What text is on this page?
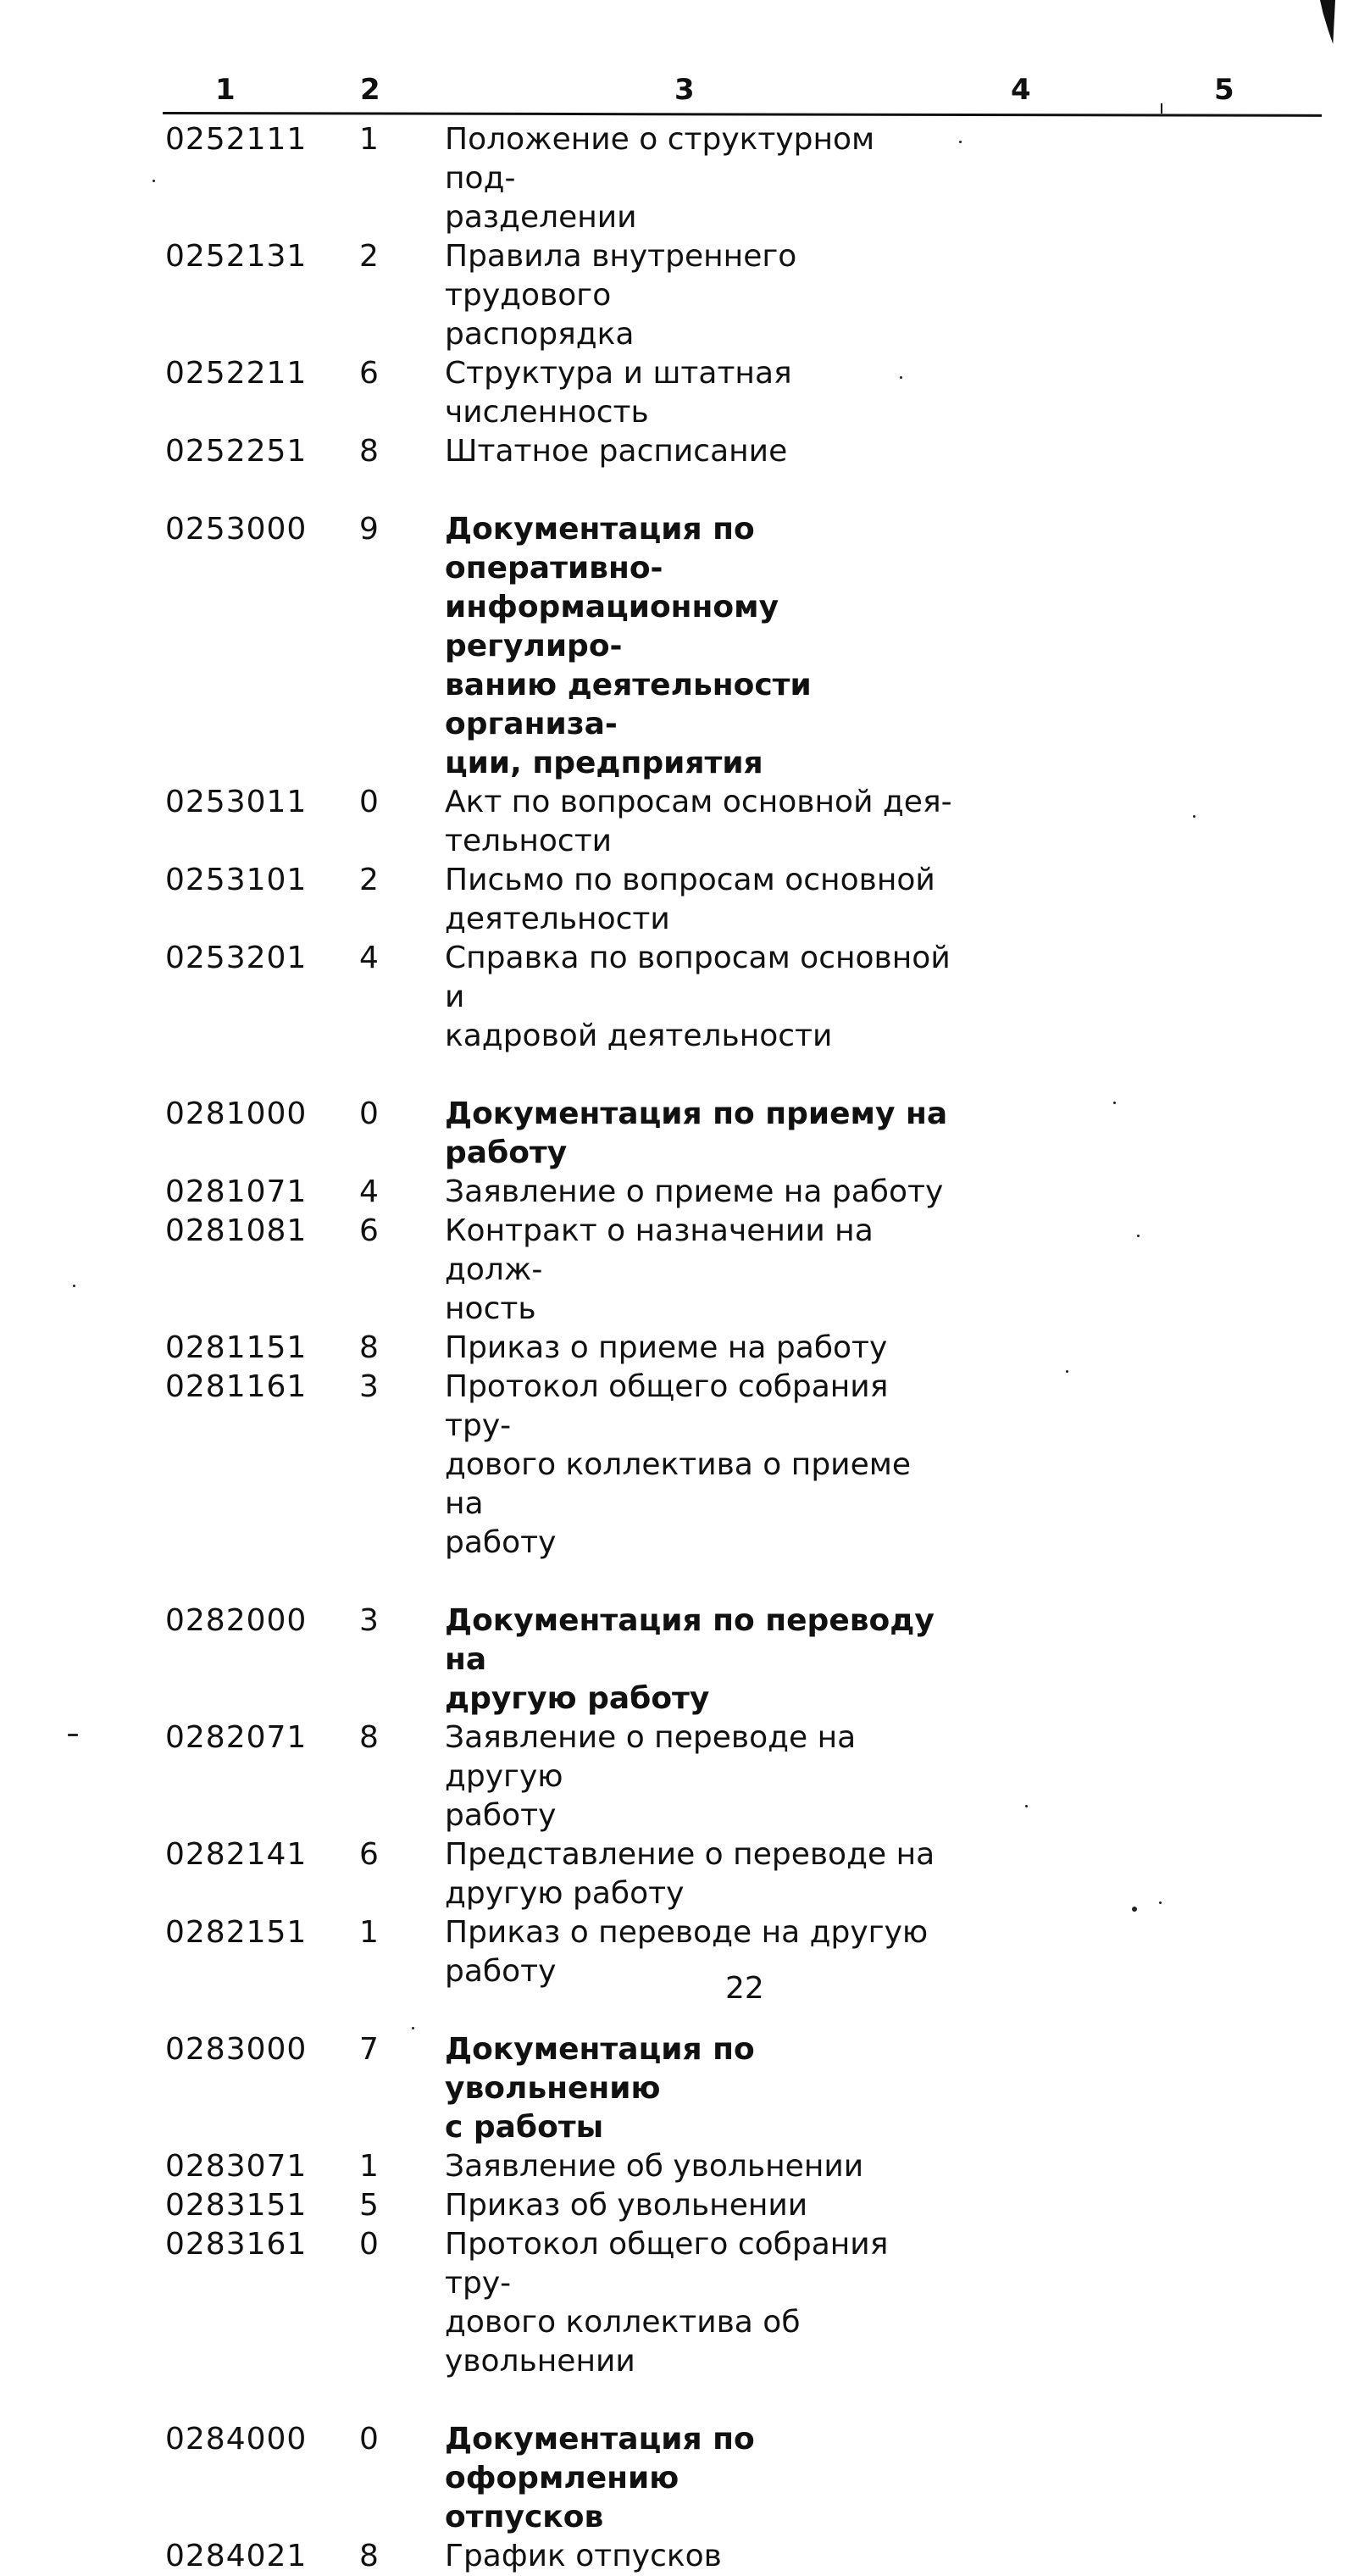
1	2	3	4	5
0252111 1 Положение о структурном под-
разделении
0252131 2 Правила внутреннего трудового
распорядка
0252211 6 Структура и штатная численность
0252251 8 Штатное расписание
0253000 9 Документация по оперативно-
информационному регулиро-
ванию деятельности организа-
ции, предприятия
0253011 0 Акт по вопросам основной дея-
тельности
0253101 2 Письмо по вопросам основной
деятельности
0253201 4 Справка по вопросам основной и
кадровой деятельности
0281000 0 Документация по приему на
работу
0281071 4 Заявление о приеме на работу
0281081 6 Контракт о назначении на долж-
ность
0281151 8 Приказ о приеме на работу
0281161 3 Протокол общего собрания тру-
дового коллектива о приеме на
работу
0282000 3 Документация по переводу на
другую работу
0282071 8 Заявление о переводе на другую
работу
0282141 6 Представление о переводе на
другую работу
0282151 1 Приказ о переводе на другую
работу
0283000 7 Документация по увольнению
с работы
0283071 1 Заявление об увольнении
0283151 5 Приказ об увольнении
0283161 0 Протокол общего собрания тру-
дового коллектива об увольнении
0284000 0 Документация по оформлению
отпусков
0284021 8 График отпусков
22
